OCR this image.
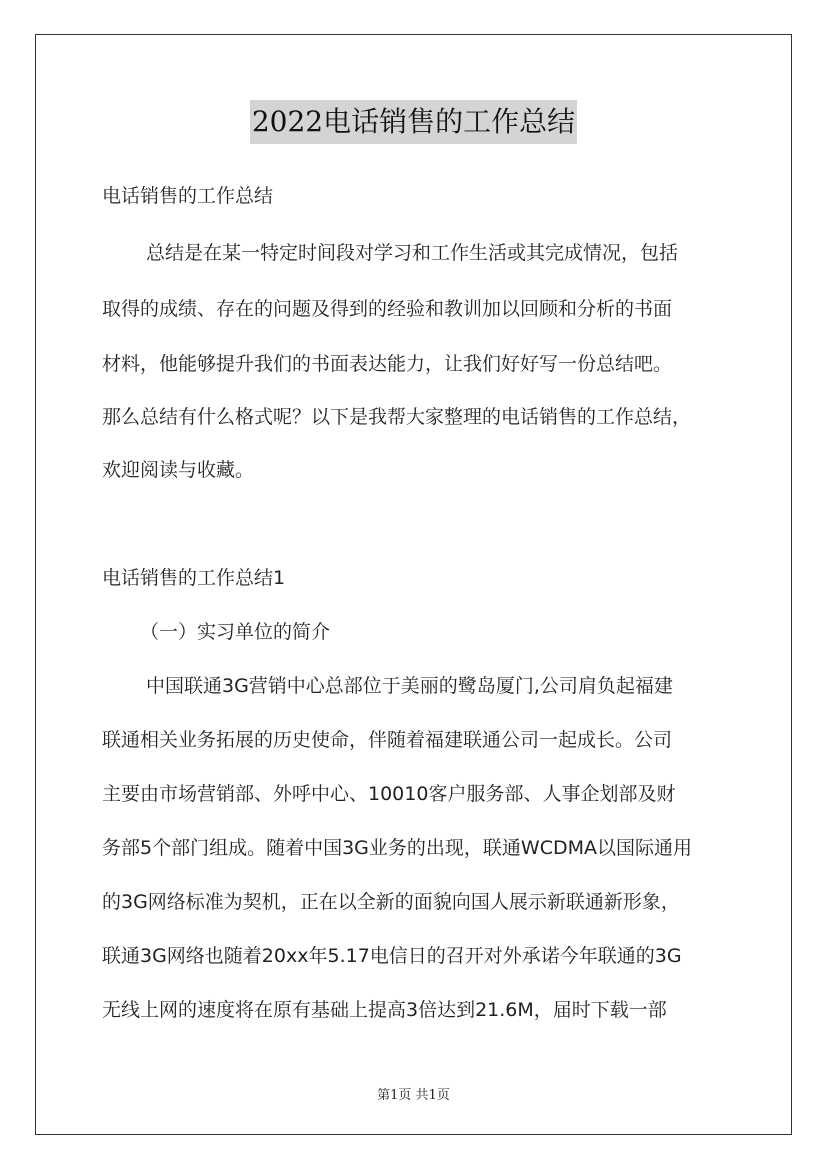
2022电话销售的工作总结
电话销售的工作总结
总结是在某一特定时间段对学习和工作生活或其完成情况，包括
取得的成绩、存在的问题及得到的经验和教训加以回顾和分析的书面
材料，他能够提升我们的书面表达能力，让我们好好写一份总结吧。
那么总结有什么格式呢？以下是我帮大家整理的电话销售的工作总结，
欢迎阅读与收藏。
电话销售的工作总结1
（一）实习单位的简介
中国联通3G营销中心总部位于美丽的鹭岛厦门,公司肩负起福建
联通相关业务拓展的历史使命，伴随着福建联通公司一起成长。公司
主要由市场营销部、外呼中心、10010客户服务部、人事企划部及财
务部5个部门组成。随着中国3G业务的出现，联通WCDMA以国际通用
的3G网络标准为契机，正在以全新的面貌向国人展示新联通新形象，
联通3G网络也随着20xx年5.17电信日的召开对外承诺今年联通的3G
无线上网的速度将在原有基础上提高3倍达到21.6M，届时下载一部
第1页 共1页
